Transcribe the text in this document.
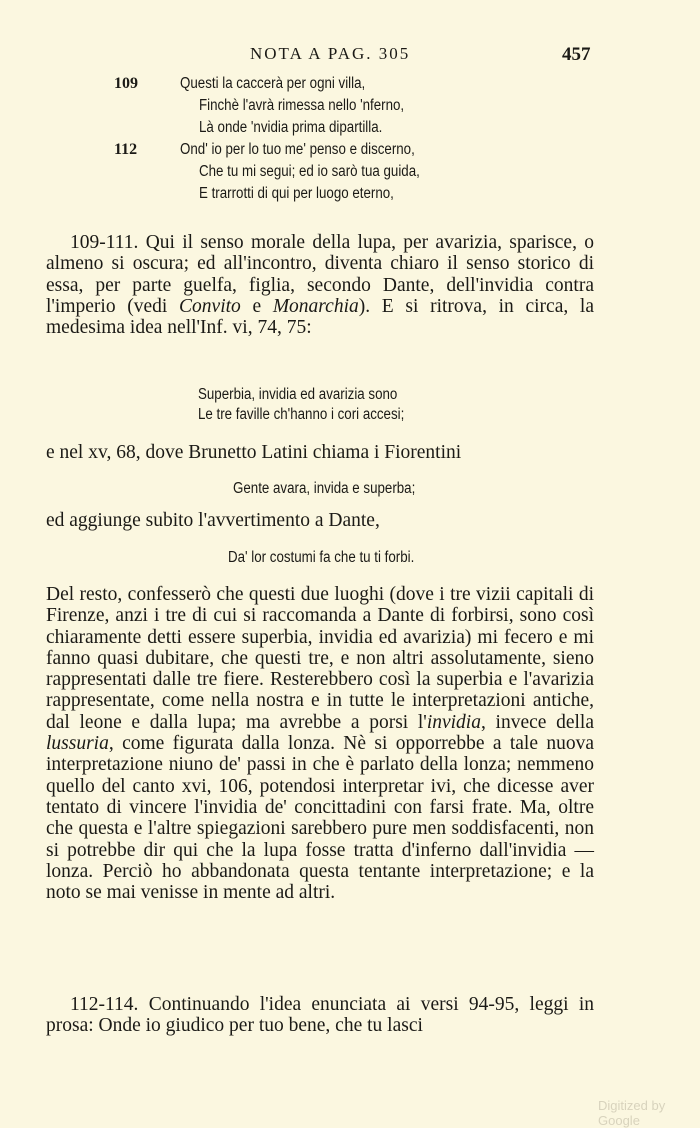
NOTA A PAG. 305	457
109	Questi la caccerà per ogni villa,
Finchè l'avrà rimessa nello 'nferno,
Là onde 'nvidia prima dipartilla.
112	Ond' io per lo tuo me' penso e discerno,
Che tu mi segui; ed io sarò tua guida,
E trarrotti di qui per luogo eterno,

109-111. Qui il senso morale della lupa, per avarizia, sparisce, o almeno si oscura; ed all'incontro, diventa chiaro il senso storico di essa, per parte guelfa, figlia, secondo Dante, dell'invidia contra l'imperio (vedi Convito e Monarchia). E si ritrova, in circa, la medesima idea nell'Inf. vi, 74, 75:

Superbia, invidia ed avarizia sono
Le tre faville ch'hanno i cori accesi;
e nel xv, 68, dove Brunetto Latini chiama i Fiorentini
Gente avara, invida e superba;
ed aggiunge subito l'avvertimento a Dante,
Da' lor costumi fa che tu ti forbi.

Del resto, confesserò che questi due luoghi (dove i tre vizii capitali di Firenze, anzi i tre di cui si raccomanda a Dante di forbirsi, sono così chiaramente detti essere superbia, invidia ed avarizia) mi fecero e mi fanno quasi dubitare, che questi tre, e non altri assolutamente, sieno rappresentati dalle tre fiere. Resterebbero così la superbia e l'avarizia rappresentate, come nella nostra e in tutte le interpretazioni antiche, dal leone e dalla lupa; ma avrebbe a porsi l'invidia, invece della lussuria, come figurata dalla lonza. Nè si opporrebbe a tale nuova interpretazione niuno de' passi in che è parlato della lonza; nemmeno quello del canto xvi, 106, potendosi interpretar ivi, che dicesse aver tentato di vincere l'invidia de' concittadini con farsi frate. Ma, oltre che questa e l'altre spiegazioni sarebbero pure men soddisfacenti, non si potrebbe dir qui che la lupa fosse tratta d'inferno dall'invidia — lonza. Perciò ho abbandonata questa tentante interpretazione; e la noto se mai venisse in mente ad altri.

112-114. Continuando l'idea enunciata ai versi 94-95, leggi in prosa: Onde io giudico per tuo bene, che tu lasci

Digitized by Google
